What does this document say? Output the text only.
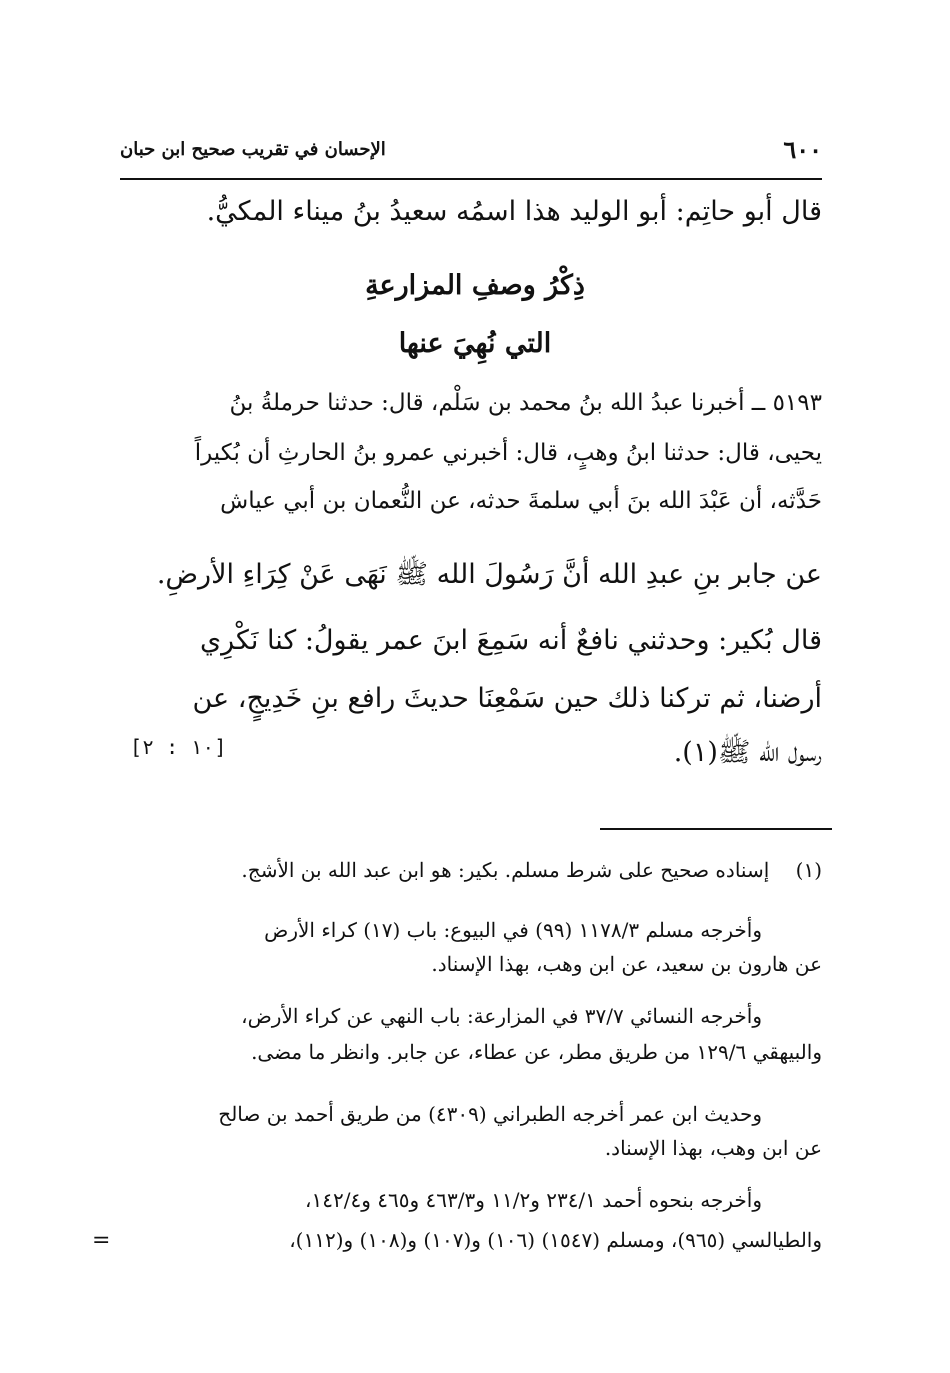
٦٠٠
الإحسان في تقريب صحيح ابن حبان
قال أبو حاتِم: أبو الوليد هذا اسمُه سعيدُ بنُ ميناء المكيُّ.
ذِكْرُ وصفِ المزارعةِ
التي نُهِيَ عنها
٥١٩٣ ــ أخبرنا عبدُ الله بنُ محمد بن سَلْم، قال: حدثنا حرملةُ بنُ
يحيى، قال: حدثنا ابنُ وهبٍ، قال: أخبرني عمرو بنُ الحارثِ أن بُكيراً
حَدَّثه، أن عَبْدَ الله بنَ أبي سلمةَ حدثه، عن النُّعمان بن أبي عياش
عن جابر بنِ عبدِ الله أنَّ رَسُولَ الله ﷺ نَهَى عَنْ كِرَاءِ الأرضِ.
قال بُكير: وحدثني نافعٌ أنه سَمِعَ ابنَ عمر يقولُ: كنا نَكْرِي
أرضنا، ثم تركنا ذلك حين سَمْعِنَا حديثَ رافع بنِ خَدِيجٍ، عن
رسول الله ﷺ(١).
[١٠ : ٢]
(١) إسناده صحيح على شرط مسلم. بكير: هو ابن عبد الله بن الأشج.
وأخرجه مسلم ١١٧٨/٣ (٩٩) في البيوع: باب (١٧) كراء الأرض
عن هارون بن سعيد، عن ابن وهب، بهذا الإسناد.
وأخرجه النسائي ٣٧/٧ في المزارعة: باب النهي عن كراء الأرض،
والبيهقي ١٢٩/٦ من طريق مطر، عن عطاء، عن جابر. وانظر ما مضى.
وحديث ابن عمر أخرجه الطبراني (٤٣٠٩) من طريق أحمد بن صالح
عن ابن وهب، بهذا الإسناد.
وأخرجه بنحوه أحمد ٢٣٤/١ و١١/٢ و٤٦٣/٣ و٤٦٥ و١٤٢/٤،
والطيالسي (٩٦٥)، ومسلم (١٥٤٧) (١٠٦) و(١٠٧) و(١٠٨) و(١١٢)،
=
